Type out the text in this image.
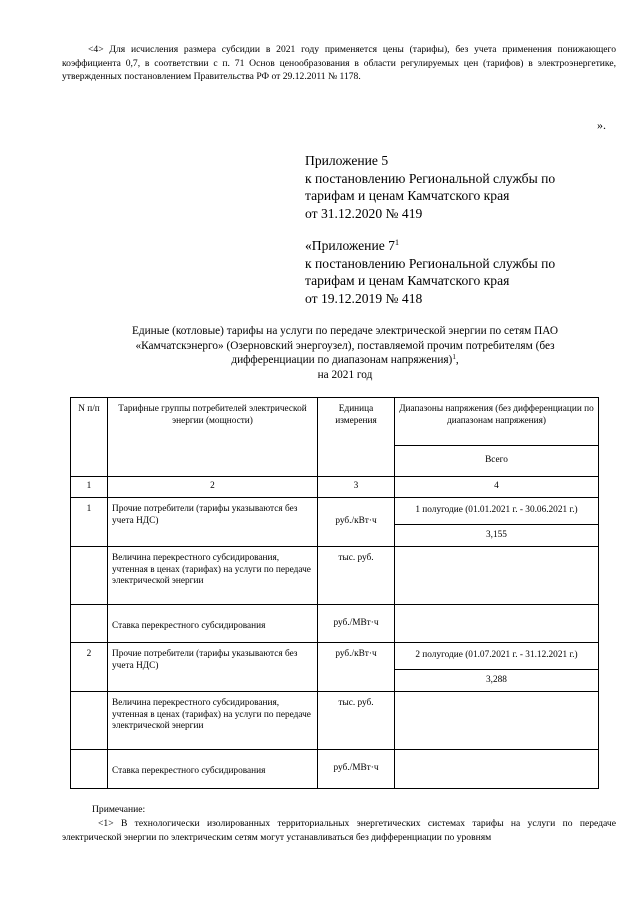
<4> Для исчисления размера субсидии в 2021 году применяется цены (тарифы), без учета применения понижающего коэффициента 0,7, в соответствии с п. 71 Основ ценообразования в области регулируемых цен (тарифов) в электроэнергетике, утвержденных постановлением Правительства РФ от 29.12.2011 № 1178.
».
Приложение 5
к постановлению Региональной службы по
тарифам и ценам Камчатского края
от 31.12.2020 № 419
«Приложение $7^1$
к постановлению Региональной службы по
тарифам и ценам Камчатского края
от 19.12.2019 № 418
Единые (котловые) тарифы на услуги по передаче электрической энергии по сетям ПАО
«Камчатскэнерго» (Озерновский энергоузел), поставляемой прочим потребителям (без
дифференциации по диапазонам напряжения)$^1$,
на 2021 год
N п/п	Тарифные группы потребителей электрической энергии (мощности)	Единица измерения	Диапазоны напряжения (без дифференциации по диапазонам напряжения)
			Всего
1	2	3	4
1	Прочие потребители (тарифы указываются без учета НДС)	руб./кВт·ч	1 полугодие (01.01.2021 г. - 30.06.2021 г.)
			3,155
	Величина перекрестного субсидирования, учтенная в ценах (тарифах) на услуги по передаче электрической энергии	тыс. руб.	
	Ставка перекрестного субсидирования	руб./МВт·ч	
2	Прочие потребители (тарифы указываются без учета НДС)	руб./кВт·ч	2 полугодие (01.07.2021 г. - 31.12.2021 г.)
			3,288
	Величина перекрестного субсидирования, учтенная в ценах (тарифах) на услуги по передаче электрической энергии	тыс. руб.	
	Ставка перекрестного субсидирования	руб./МВт·ч	
Примечание:
<1> В технологически изолированных территориальных энергетических системах тарифы на услуги по передаче электрической энергии по электрическим сетям могут устанавливаться без дифференциации по уровням
